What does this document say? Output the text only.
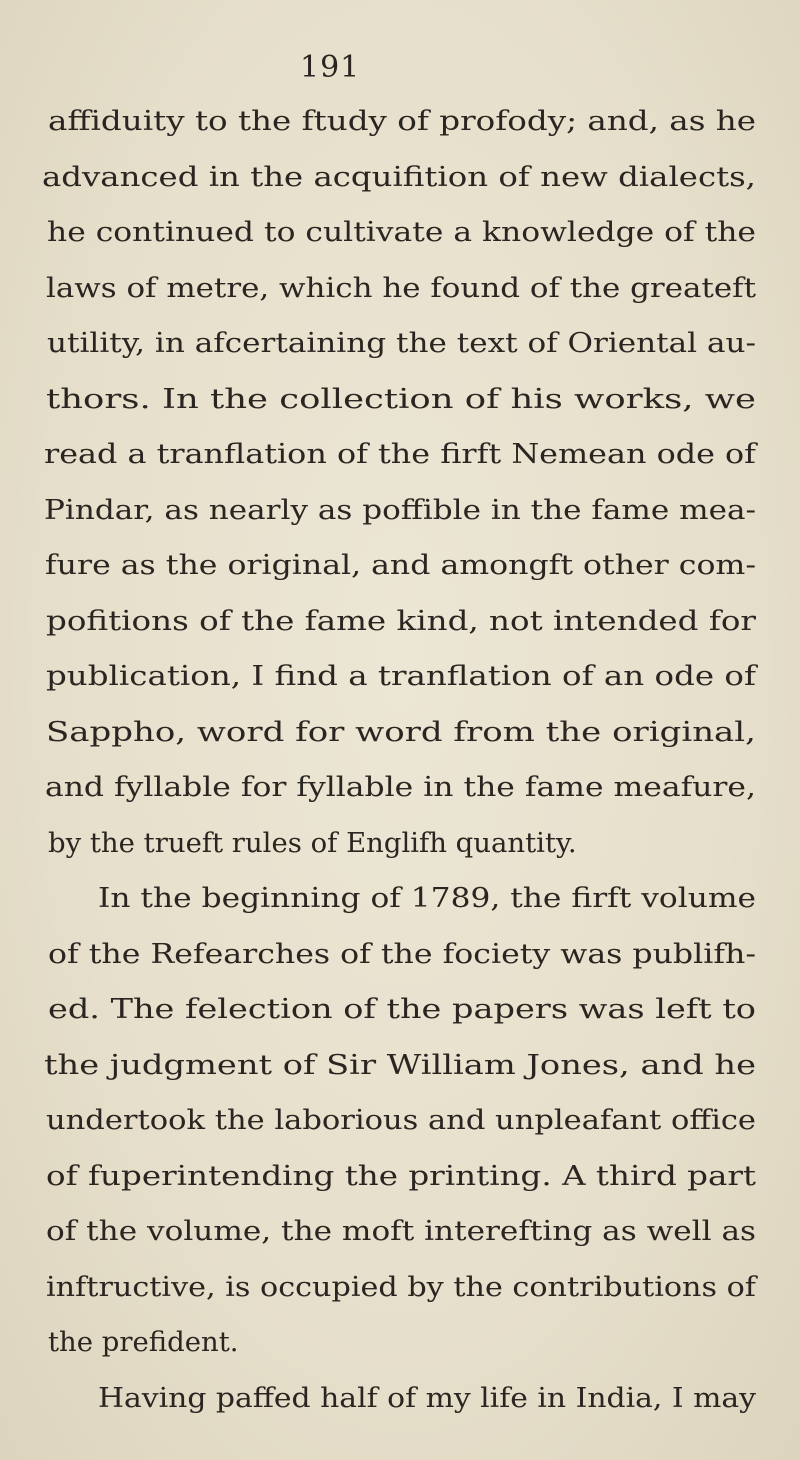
191
affiduity to the ftudy of profody; and, as he
advanced in the acquifition of new dialects,
he continued to cultivate a knowledge of the
laws of metre, which he found of the greateft
utility, in afcertaining the text of Oriental au-
thors. In the collection of his works, we
read a tranflation of the firft Nemean ode of
Pindar, as nearly as poffible in the fame mea-
fure as the original, and amongft other com-
pofitions of the fame kind, not intended for
publication, I find a tranflation of an ode of
Sappho, word for word from the original,
and fyllable for fyllable in the fame meafure,
by the trueft rules of Englifh quantity.
In the beginning of 1789, the firft volume
of the Refearches of the fociety was publifh-
ed. The felection of the papers was left to
the judgment of Sir William Jones, and he
undertook the laborious and unpleafant office
of fuperintending the printing. A third part
of the volume, the moft interefting as well as
inftructive, is occupied by the contributions of
the prefident.
Having paffed half of my life in India, I may
